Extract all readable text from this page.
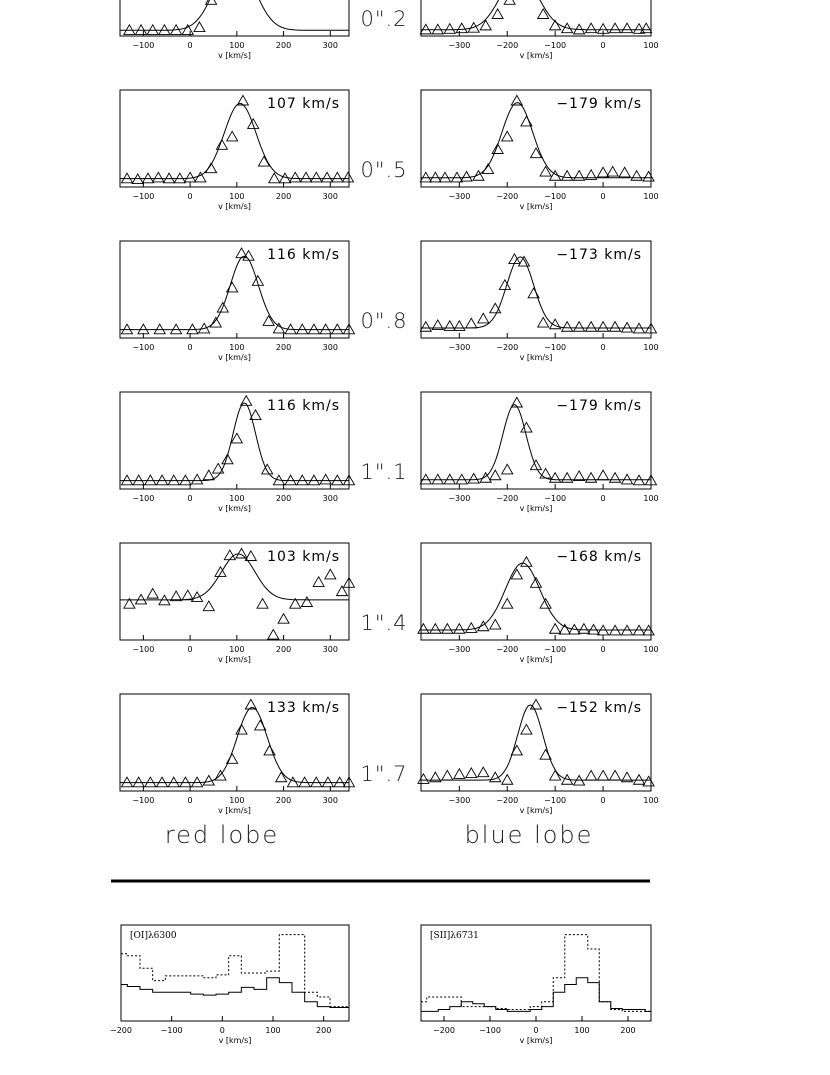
−100	0	100	200	300
v [km/s]
−300	−200	−100	0	100
v [km/s]
−100	0	100	200	300
v [km/s]
107 km/s
−300	−200	−100	0	100
v [km/s]
−179 km/s
−100	0	100	200	300
v [km/s]
116 km/s
−300	−200	−100	0	100
v [km/s]
−173 km/s
−100	0	100	200	300
v [km/s]
116 km/s
−300	−200	−100	0	100
v [km/s]
−179 km/s
−100	0	100	200	300
v [km/s]
103 km/s
−300	−200	−100	0	100
v [km/s]
−168 km/s
−100	0	100	200	300
v [km/s]
133 km/s
−300	−200	−100	0	100
v [km/s]
−152 km/s
0".2
0".5
0".8
1".1
1".4
1".7
red lobe	blue lobe
−200	−100	0	100	200
v [km/s]
[OI]λ6300
−200	−100	0	100	200
v [km/s]
[SII]λ6731
